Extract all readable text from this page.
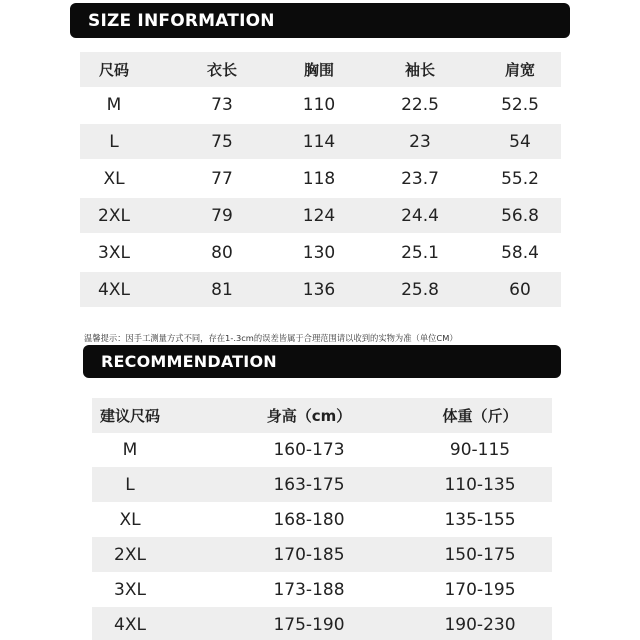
SIZE INFORMATION
尺码	衣长	胸围	袖长	肩宽
M	73	110	22.5	52.5
L	75	114	23	54
XL	77	118	23.7	55.2
2XL	79	124	24.4	56.8
3XL	80	130	25.1	58.4
4XL	81	136	25.8	60
温馨提示：因手工测量方式不同，存在1-.3cm的误差皆属于合理范围请以收到的实物为准（单位CM）
RECOMMENDATION
建议尺码	身高（cm）	体重（斤）
M	160-173	90-115
L	163-175	110-135
XL	168-180	135-155
2XL	170-185	150-175
3XL	173-188	170-195
4XL	175-190	190-230
